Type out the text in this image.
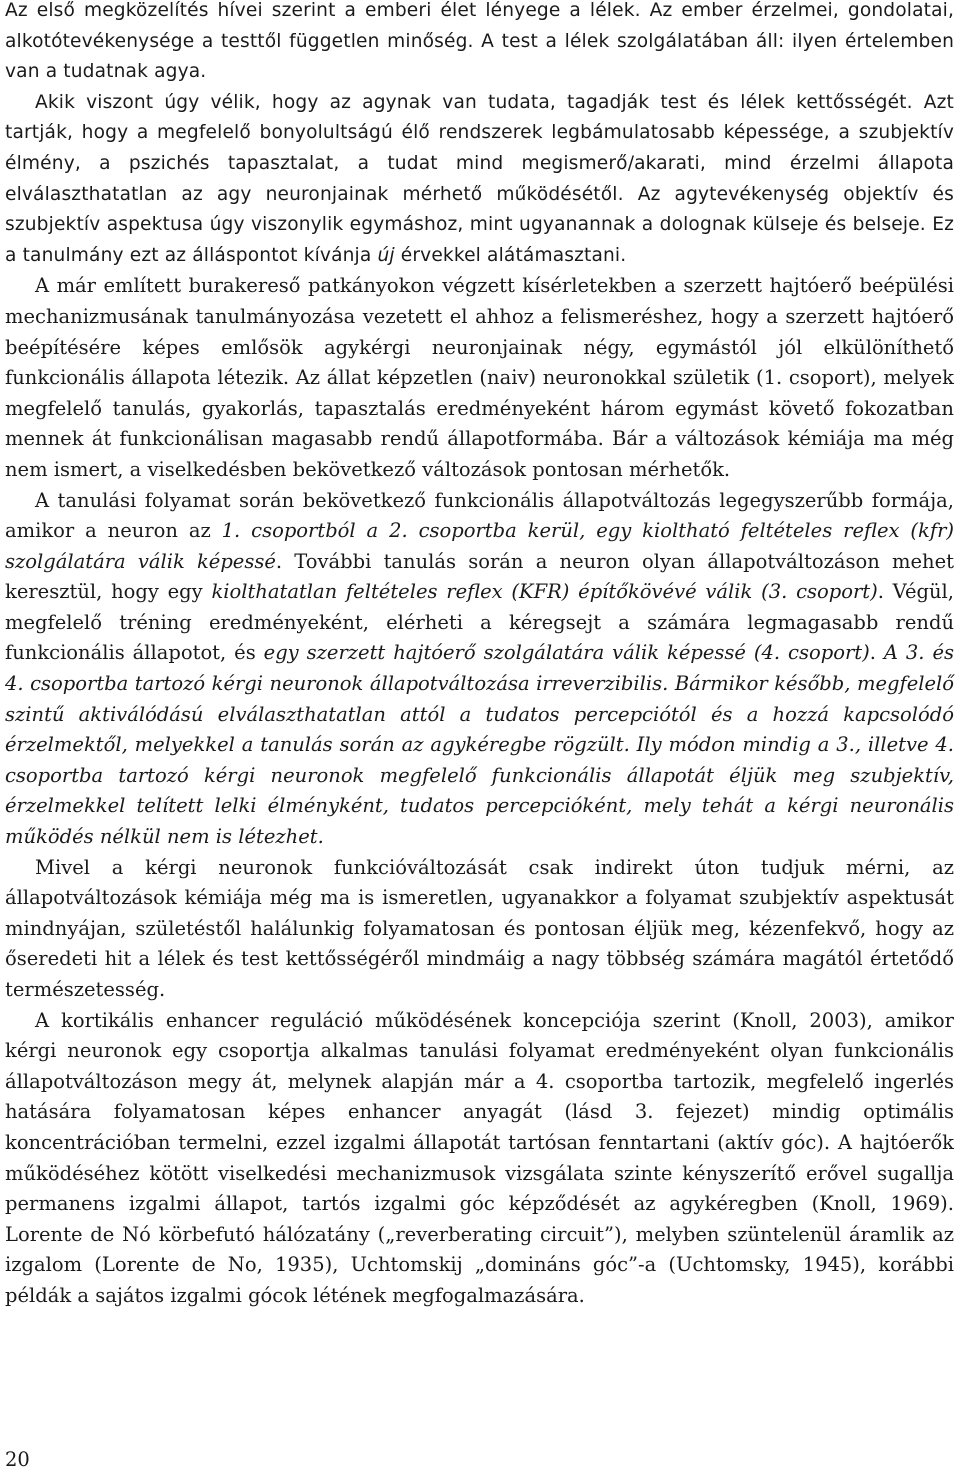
Az első megközelítés hívei szerint a emberi élet lényege a lélek. Az ember érzelmei, gondolatai, alkotótevékenysége a testtől független minőség. A test a lélek szolgálatában áll: ilyen értelemben van a tudatnak agya.

Akik viszont úgy vélik, hogy az agynak van tudata, tagadják test és lélek kettősségét. Azt tartják, hogy a megfelelő bonyolultságú élő rendszerek legbámulatosabb képessége, a szubjektív élmény, a pszichés tapasztalat, a tudat mind megismerő/akarati, mind érzelmi állapota elválaszthatatlan az agy neuronjainak mérhető működésétől. Az agytevékenység objektív és szubjektív aspektusa úgy viszonylik egymáshoz, mint ugyanannak a dolognak külseje és belseje. Ez a tanulmány ezt az álláspontot kívánja új érvekkel alátámasztani.

A már említett burakereső patkányokon végzett kísérletekben a szerzett hajtóerő beépülési mechanizmusának tanulmányozása vezetett el ahhoz a felismeréshez, hogy a szerzett hajtóerő beépítésére képes emlősök agykérgi neuronjainak négy, egymástól jól elkülöníthető funkcionális állapota létezik. Az állat képzetlen (naiv) neuronokkal születik (1. csoport), melyek megfelelő tanulás, gyakorlás, tapasztalás eredményeként három egymást követő fokozatban mennek át funkcionálisan magasabb rendű állapotformába. Bár a változások kémiája ma még nem ismert, a viselkedésben bekövetkező változások pontosan mérhetők.

A tanulási folyamat során bekövetkező funkcionális állapotváltozás legegyszerűbb formája, amikor a neuron az 1. csoportból a 2. csoportba kerül, egy kiolthatό feltételes reflex (kfr) szolgálatára válik képessé. További tanulás során a neuron olyan állapotváltozáson mehet keresztül, hogy egy kiolthatatlan feltételes reflex (KFR) építőkövévé válik (3. csoport). Végül, megfelelő tréning eredményeként, elérheti a kéregsejt a számára legmagasabb rendű funkcionális állapotot, és egy szerzett hajtóerő szolgálatára válik képessé (4. csoport). A 3. és 4. csoportba tartozó kérgi neuronok állapotváltozása irreverzibilis. Bármikor később, megfelelő szintű aktiválódású elválaszthatatlan attól a tudatos percepciótól és a hozzá kapcsolódó érzelmektől, melyekkel a tanulás során az agykéregbe rögzült. Ily módon mindig a 3., illetve 4. csoportba tartozó kérgi neuronok megfelelő funkcionális állapotát éljük meg szubjektív, érzelmekkel telített lelki élményként, tudatos percepcióként, mely tehát a kérgi neuronális működés nélkül nem is létezhet.

Mivel a kérgi neuronok funkcióváltozását csak indirekt úton tudjuk mérni, az állapotváltozások kémiája még ma is ismeretlen, ugyanakkor a folyamat szubjektív aspektusát mindnyájan, születéstől halálunkig folyamatosan és pontosan éljük meg, kézenfekvő, hogy az őseredeti hit a lélek és test kettősségéről mindmáig a nagy többség számára magától értetődő természetesség.

A kortikális enhancer reguláció működésének koncepciója szerint (Knoll, 2003), amikor kérgi neuronok egy csoportja alkalmas tanulási folyamat eredményeként olyan funkcionális állapotváltozáson megy át, melynek alapján már a 4. csoportba tartozik, megfelelő ingerlés hatására folyamatosan képes enhancer anyagát (lásd 3. fejezet) mindig optimális koncentrációban termelni, ezzel izgalmi állapotát tartósan fenntartani (aktív góc). A hajtóerők működéséhez kötött viselkedési mechanizmusok vizsgálata szinte kényszerítő erővel sugallja permanens izgalmi állapot, tartós izgalmi góc képződését az agykéregben (Knoll, 1969). Lorente de Nó körbefutó hálózatány („reverberating circuit”), melyben szüntelenül áramlik az izgalom (Lorente de No, 1935), Uchtomskij „domináns góc”-a (Uchtomsky, 1945), korábbi példák a sajátos izgalmi gócok létének megfogalmazására.

20
